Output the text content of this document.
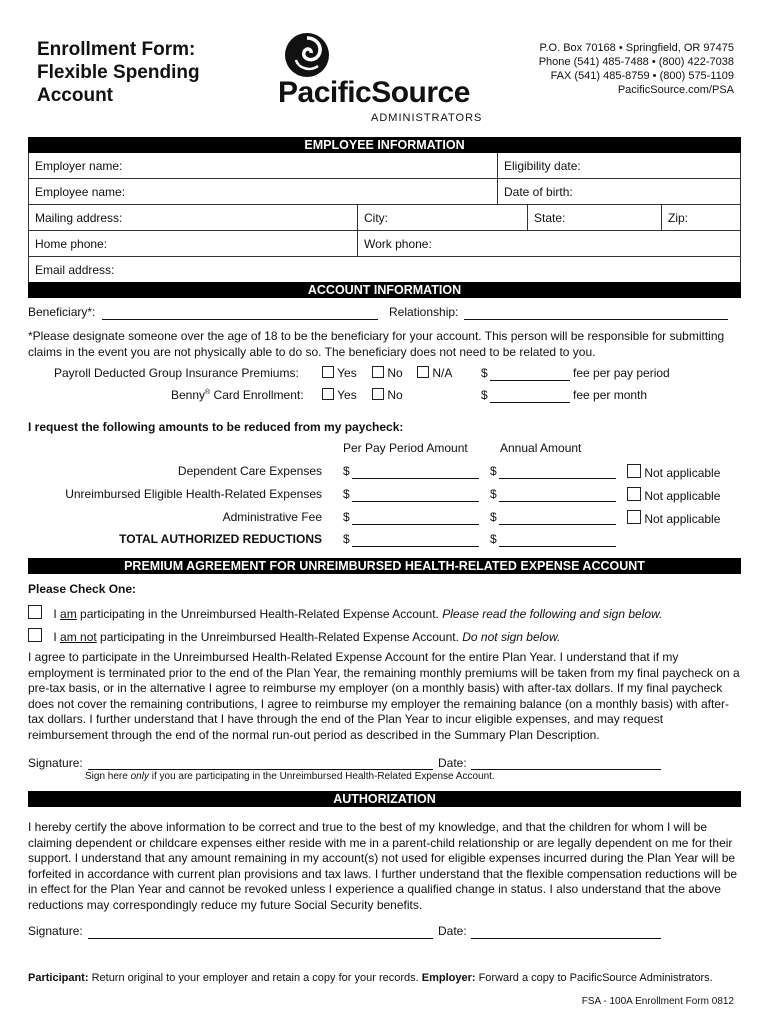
Enrollment Form:
Flexible Spending
Account	PacificSource
ADMINISTRATORS
P.O. Box 70168 • Springfield, OR 97475
Phone (541) 485-7488 • (800) 422-7038
FAX (541) 485-8759 • (800) 575-1109
PacificSource.com/PSA
EMPLOYEE INFORMATION
Employer name:	Eligibility date:
Employee name:	Date of birth:
Mailing address:	City:	State:	Zip:
Home phone:	Work phone:
Email address:
ACCOUNT INFORMATION
Beneficiary*:	Relationship:
*Please designate someone over the age of 18 to be the beneficiary for your account. This person will be responsible for submitting claims in the event you are not physically able to do so. The beneficiary does not need to be related to you.
Payroll Deducted Group Insurance Premiums:	Yes	No	N/A $	fee per pay period
Benny® Card Enrollment:	Yes	No	$	fee per month
I request the following amounts to be reduced from my paycheck:
Per Pay Period Amount	Annual Amount
Dependent Care Expenses $	$	Not applicable
Unreimbursed Eligible Health-Related Expenses $	$	Not applicable
Administrative Fee $	$	Not applicable
TOTAL AUTHORIZED REDUCTIONS $	$
PREMIUM AGREEMENT FOR UNREIMBURSED HEALTH-RELATED EXPENSE ACCOUNT
Please Check One:
I am participating in the Unreimbursed Health-Related Expense Account. Please read the following and sign below.
I am not participating in the Unreimbursed Health-Related Expense Account. Do not sign below.
I agree to participate in the Unreimbursed Health-Related Expense Account for the entire Plan Year. I understand that if my employment is terminated prior to the end of the Plan Year, the remaining monthly premiums will be taken from my final paycheck on a pre-tax basis, or in the alternative I agree to reimburse my employer (on a monthly basis) with after-tax dollars. If my final paycheck does not cover the remaining contributions, I agree to reimburse my employer the remaining balance (on a monthly basis) with after-tax dollars. I further understand that I have through the end of the Plan Year to incur eligible expenses, and may request reimbursement through the end of the normal run-out period as described in the Summary Plan Description.
Signature:	Date:
Sign here only if you are participating in the Unreimbursed Health-Related Expense Account.
AUTHORIZATION
I hereby certify the above information to be correct and true to the best of my knowledge, and that the children for whom I will be claiming dependent or childcare expenses either reside with me in a parent-child relationship or are legally dependent on me for their support. I understand that any amount remaining in my account(s) not used for eligible expenses incurred during the Plan Year will be forfeited in accordance with current plan provisions and tax laws. I further understand that the flexible compensation reductions will be in effect for the Plan Year and cannot be revoked unless I experience a qualified change in status. I also understand that the above reductions may correspondingly reduce my future Social Security benefits.
Signature:	Date:
Participant: Return original to your employer and retain a copy for your records. Employer: Forward a copy to PacificSource Administrators.
FSA - 100A Enrollment Form 0812
